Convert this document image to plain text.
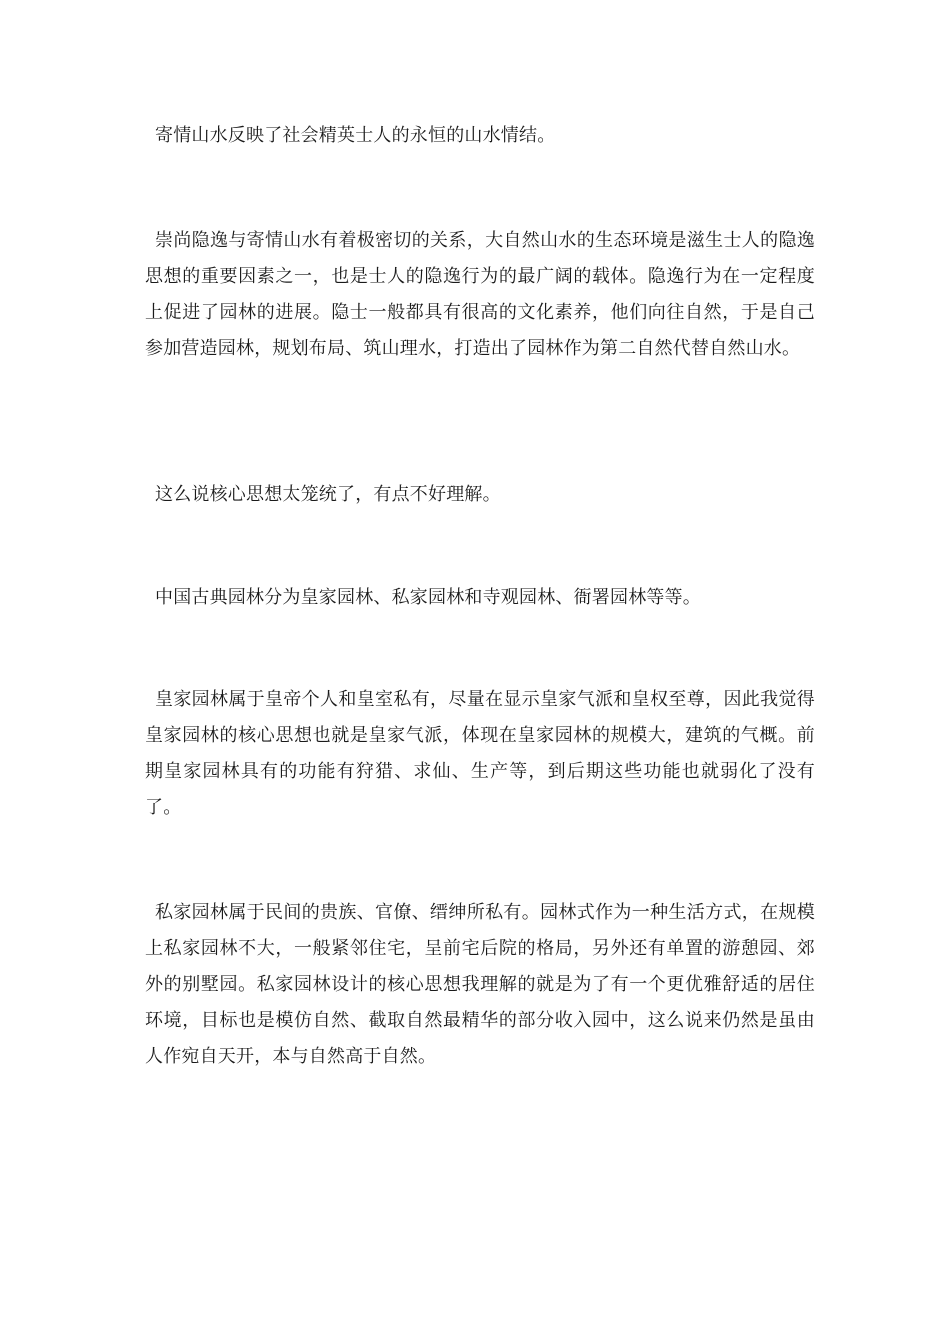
寄情山水反映了社会精英士人的永恒的山水情结。

崇尚隐逸与寄情山水有着极密切的关系，大自然山水的生态环境是滋生士人的隐逸思想的重要因素之一，也是士人的隐逸行为的最广阔的载体。隐逸行为在一定程度上促进了园林的进展。隐士一般都具有很高的文化素养，他们向往自然，于是自己参加营造园林，规划布局、筑山理水，打造出了园林作为第二自然代替自然山水。

这么说核心思想太笼统了，有点不好理解。

中国古典园林分为皇家园林、私家园林和寺观园林、衙署园林等等。

皇家园林属于皇帝个人和皇室私有，尽量在显示皇家气派和皇权至尊，因此我觉得皇家园林的核心思想也就是皇家气派，体现在皇家园林的规模大，建筑的气概。前期皇家园林具有的功能有狩猎、求仙、生产等，到后期这些功能也就弱化了没有了。

私家园林属于民间的贵族、官僚、缙绅所私有。园林式作为一种生活方式，在规模上私家园林不大，一般紧邻住宅，呈前宅后院的格局，另外还有单置的游憩园、郊外的别墅园。私家园林设计的核心思想我理解的就是为了有一个更优雅舒适的居住环境，目标也是模仿自然、截取自然最精华的部分收入园中，这么说来仍然是虽由人作宛自天开，本与自然高于自然。
